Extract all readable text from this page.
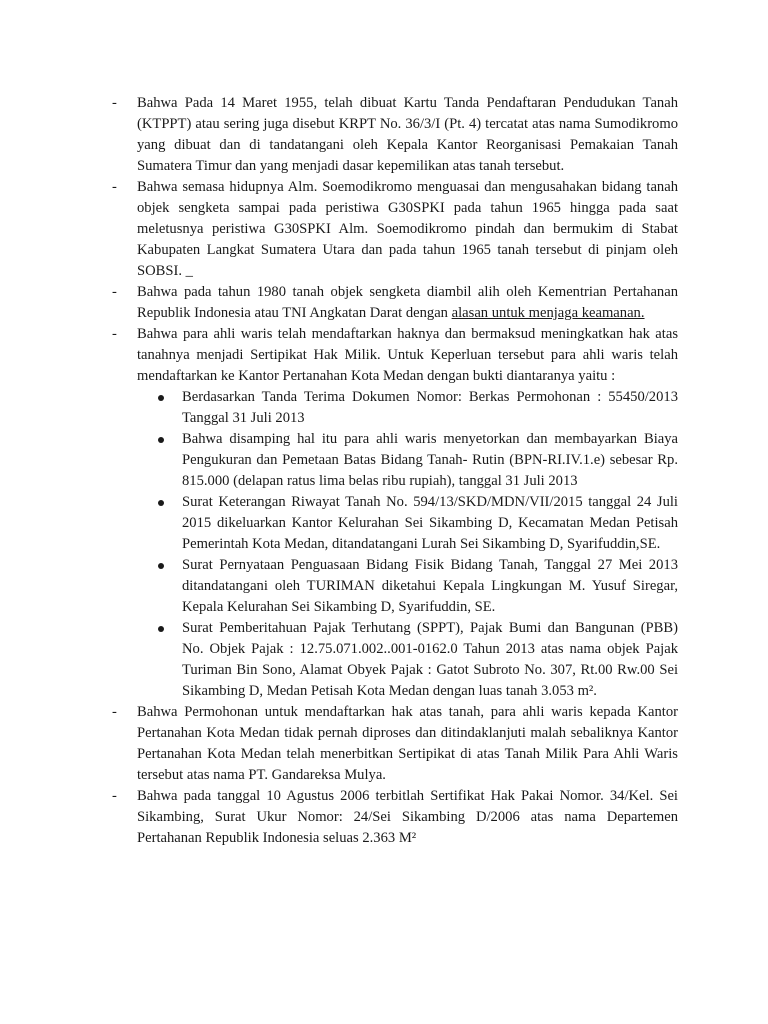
-	Bahwa Pada 14 Maret 1955, telah dibuat Kartu Tanda Pendaftaran Pendudukan Tanah (KTPPT) atau sering juga disebut KRPT No. 36/3/I (Pt. 4) tercatat atas nama Sumodikromo yang dibuat dan di tandatangani oleh Kepala Kantor Reorganisasi Pemakaian Tanah Sumatera Timur dan yang menjadi dasar kepemilikan atas tanah tersebut.

-	Bahwa semasa hidupnya Alm. Soemodikromo menguasai dan mengusahakan bidang tanah objek sengketa sampai pada peristiwa G30SPKI pada tahun 1965 hingga pada saat meletusnya peristiwa G30SPKI Alm. Soemodikromo pindah dan bermukim di Stabat Kabupaten Langkat Sumatera Utara dan pada tahun 1965 tanah tersebut di pinjam oleh SOBSI. _

-	Bahwa pada tahun 1980 tanah objek sengketa diambil alih oleh Kementrian Pertahanan Republik Indonesia atau TNI Angkatan Darat dengan alasan untuk menjaga keamanan.

-	Bahwa para ahli waris telah mendaftarkan haknya dan bermaksud meningkatkan hak atas tanahnya menjadi Sertipikat Hak Milik. Untuk Keperluan tersebut para ahli waris telah mendaftarkan ke Kantor Pertanahan Kota Medan dengan bukti diantaranya yaitu :

Berdasarkan Tanda Terima Dokumen Nomor: Berkas Permohonan : 55450/2013 Tanggal 31 Juli 2013
Bahwa disamping hal itu para ahli waris menyetorkan dan membayarkan Biaya Pengukuran dan Pemetaan Batas Bidang Tanah- Rutin (BPN-RI.IV.1.e) sebesar Rp. 815.000 (delapan ratus lima belas ribu rupiah), tanggal 31 Juli 2013
Surat Keterangan Riwayat Tanah No. 594/13/SKD/MDN/VII/2015 tanggal 24 Juli 2015 dikeluarkan Kantor Kelurahan Sei Sikambing D, Kecamatan Medan Petisah Pemerintah Kota Medan, ditandatangani Lurah Sei Sikambing D, Syarifuddin,SE.
Surat Pernyataan Penguasaan Bidang Fisik Bidang Tanah, Tanggal 27 Mei 2013 ditandatangani oleh TURIMAN diketahui Kepala Lingkungan M. Yusuf Siregar, Kepala Kelurahan Sei Sikambing D, Syarifuddin, SE.
Surat Pemberitahuan Pajak Terhutang (SPPT), Pajak Bumi dan Bangunan (PBB) No. Objek Pajak : 12.75.071.002..001-0162.0 Tahun 2013 atas nama objek Pajak Turiman Bin Sono, Alamat Obyek Pajak : Gatot Subroto No. 307, Rt.00 Rw.00 Sei Sikambing D, Medan Petisah Kota Medan dengan luas tanah 3.053 m².
-	Bahwa Permohonan untuk mendaftarkan hak atas tanah, para ahli waris kepada Kantor Pertanahan Kota Medan tidak pernah diproses dan ditindaklanjuti malah sebaliknya Kantor Pertanahan Kota Medan telah menerbitkan Sertipikat di atas Tanah Milik Para Ahli Waris tersebut atas nama PT. Gandareksa Mulya.

-	Bahwa pada tanggal 10 Agustus 2006 terbitlah Sertifikat Hak Pakai Nomor. 34/Kel. Sei Sikambing, Surat Ukur Nomor: 24/Sei Sikambing D/2006 atas nama Departemen Pertahanan Republik Indonesia seluas 2.363 M²
